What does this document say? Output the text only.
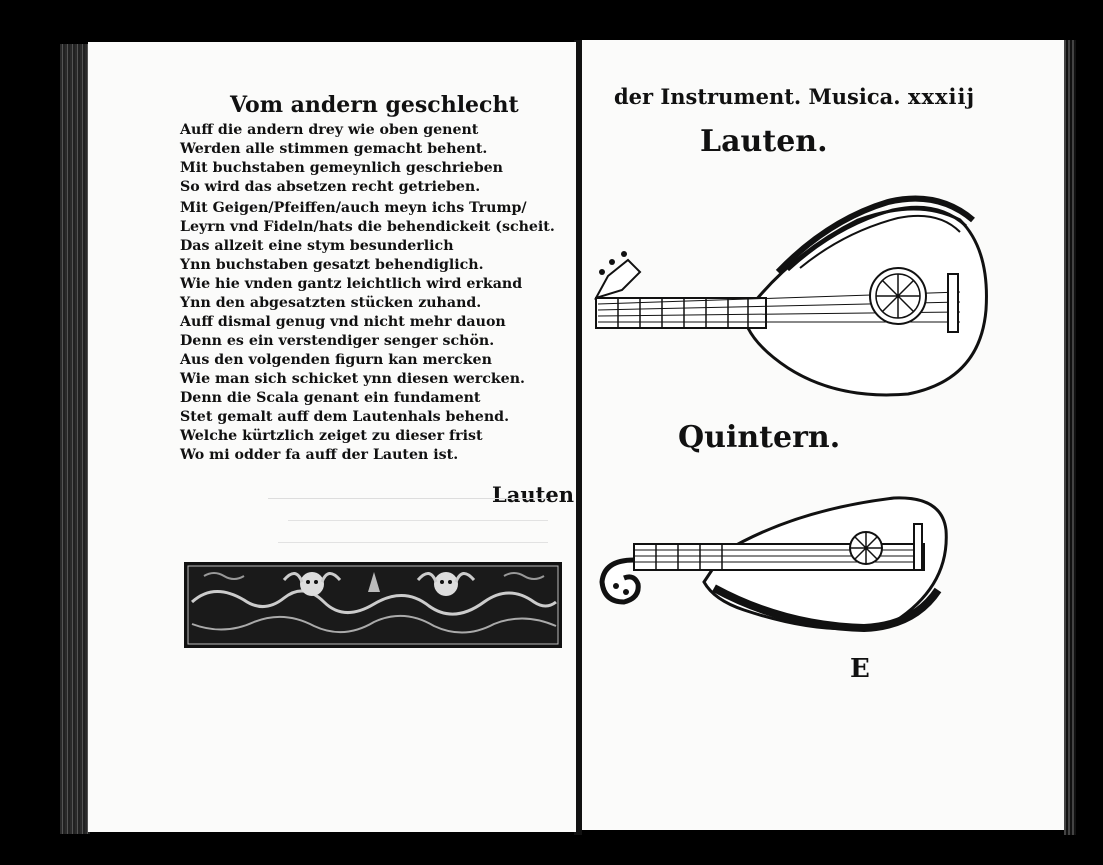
Vom andern geschlecht
Auff die andern drey wie oben genent
Werden alle stimmen gemacht behent.
Mit buchstaben gemeynlich geschrieben
So wird das absetzen recht getrieben.
Mit Geigen/Pfeiffen/auch meyn ichs Trump/
Leyrn vnd Fideln/hats die behendickeit (scheit.
Das allzeit eine stym besunderlich
Ynn buchstaben gesatzt behendiglich.
Wie hie vnden gantz leichtlich wird erkand
Ynn den abgesatzten stücken zuhand.
Auff dismal genug vnd nicht mehr dauon
Denn es ein verstendiger senger schön.
Aus den volgenden figurn kan mercken
Wie man sich schicket ynn diesen wercken.
Denn die Scala genant ein fundament
Stet gemalt auff dem Lautenhals behend.
Welche kürtzlich zeiget zu dieser frist
Wo mi odder fa auff der Lauten ist.
Lauten
der Instrument. Musica. xxxiij
Lauten.
Quintern.
E
